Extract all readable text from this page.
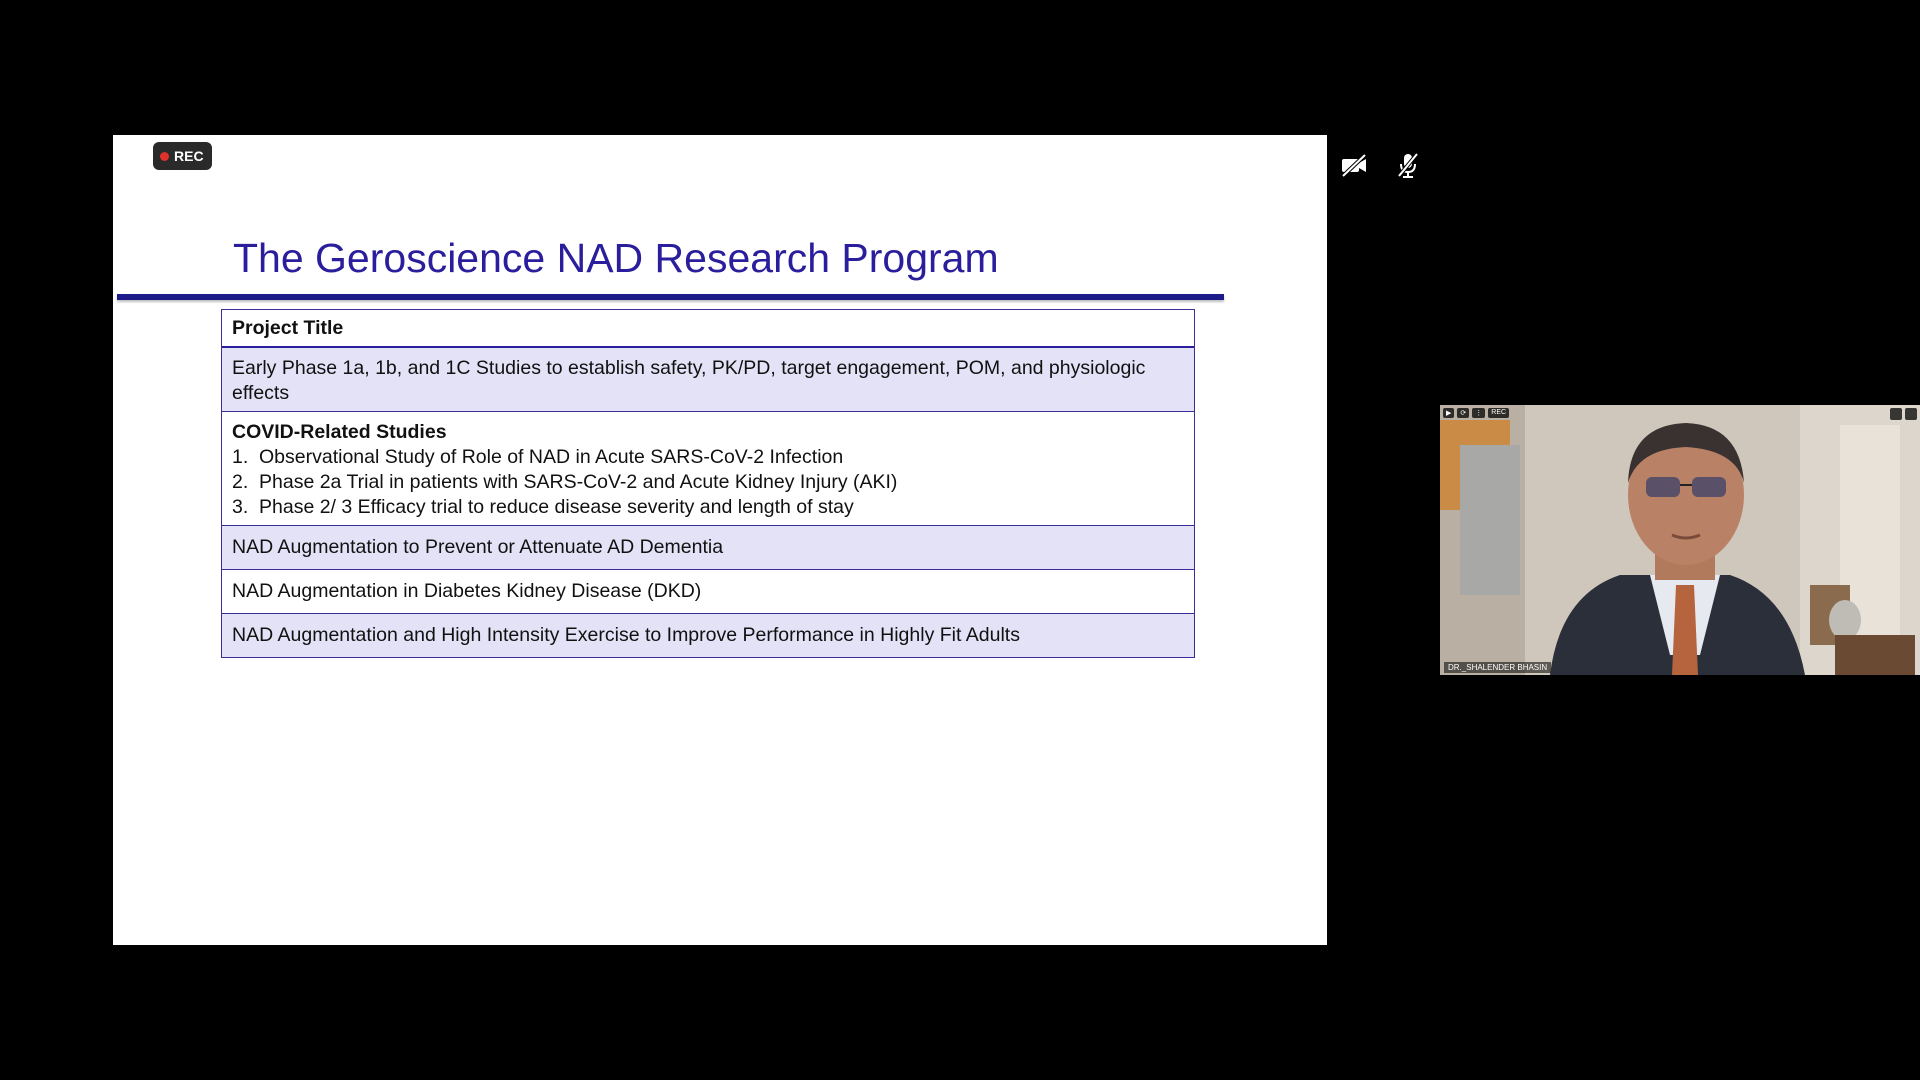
REC
The Geroscience NAD Research Program
Project Title
Early Phase 1a, 1b, and 1C Studies to establish safety, PK/PD, target engagement, POM, and physiologic effects
COVID-Related Studies
1. Observational Study of Role of NAD in Acute SARS-CoV-2 Infection
2. Phase 2a Trial in patients with SARS-CoV-2 and Acute Kidney Injury (AKI)
3. Phase 2/ 3 Efficacy trial to reduce disease severity and length of stay
NAD Augmentation to Prevent or Attenuate AD Dementia
NAD Augmentation in Diabetes Kidney Disease (DKD)
NAD Augmentation and High Intensity Exercise to Improve Performance in Highly Fit Adults
▶	⟳	⋮	REC
DR._SHALENDER BHASIN
